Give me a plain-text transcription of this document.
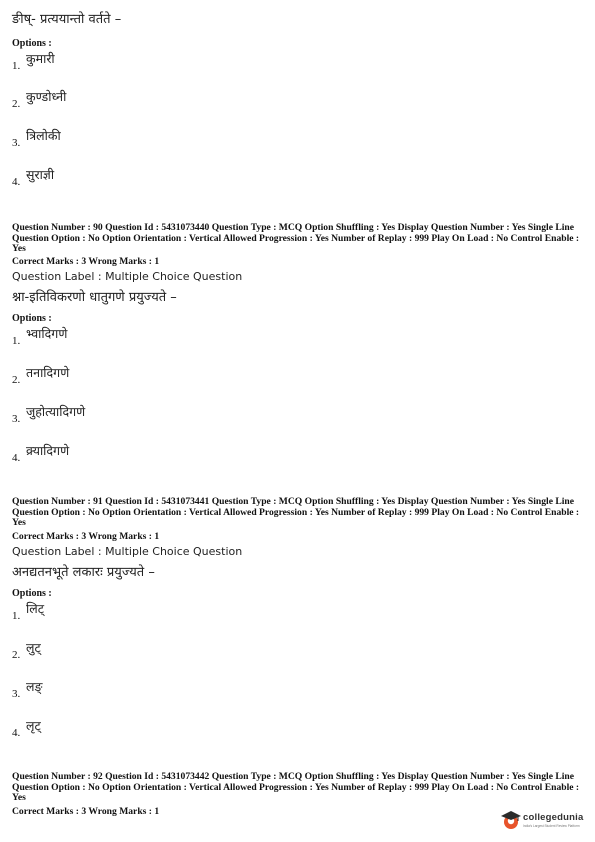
ङीष्- प्रत्ययान्तो वर्तते –
Options :
1. कुमारी
2. कुण्डोध्नी
3. त्रिलोकी
4. सुराज्ञी
Question Number : 90 Question Id : 5431073440 Question Type : MCQ Option Shuffling : Yes Display Question Number : Yes Single Line Question Option : No Option Orientation : Vertical Allowed Progression : Yes Number of Replay : 999 Play On Load : No Control Enable : Yes
Correct Marks : 3 Wrong Marks : 1
Question Label : Multiple Choice Question
श्ना-इतिविकरणो धातुगणे प्रयुज्यते –
Options :
1. भ्वादिगणे
2. तनादिगणे
3. जुहोत्यादिगणे
4. क्र्यादिगणे
Question Number : 91 Question Id : 5431073441 Question Type : MCQ Option Shuffling : Yes Display Question Number : Yes Single Line Question Option : No Option Orientation : Vertical Allowed Progression : Yes Number of Replay : 999 Play On Load : No Control Enable : Yes
Correct Marks : 3 Wrong Marks : 1
Question Label : Multiple Choice Question
अनद्यतनभूते लकारः प्रयुज्यते –
Options :
1. लिट्
2. लुट्
3. लङ्
4. लृट्
Question Number : 92 Question Id : 5431073442 Question Type : MCQ Option Shuffling : Yes Display Question Number : Yes Single Line Question Option : No Option Orientation : Vertical Allowed Progression : Yes Number of Replay : 999 Play On Load : No Control Enable : Yes
Correct Marks : 3 Wrong Marks : 1
collegedunia
India's Largest Student Review Platform
